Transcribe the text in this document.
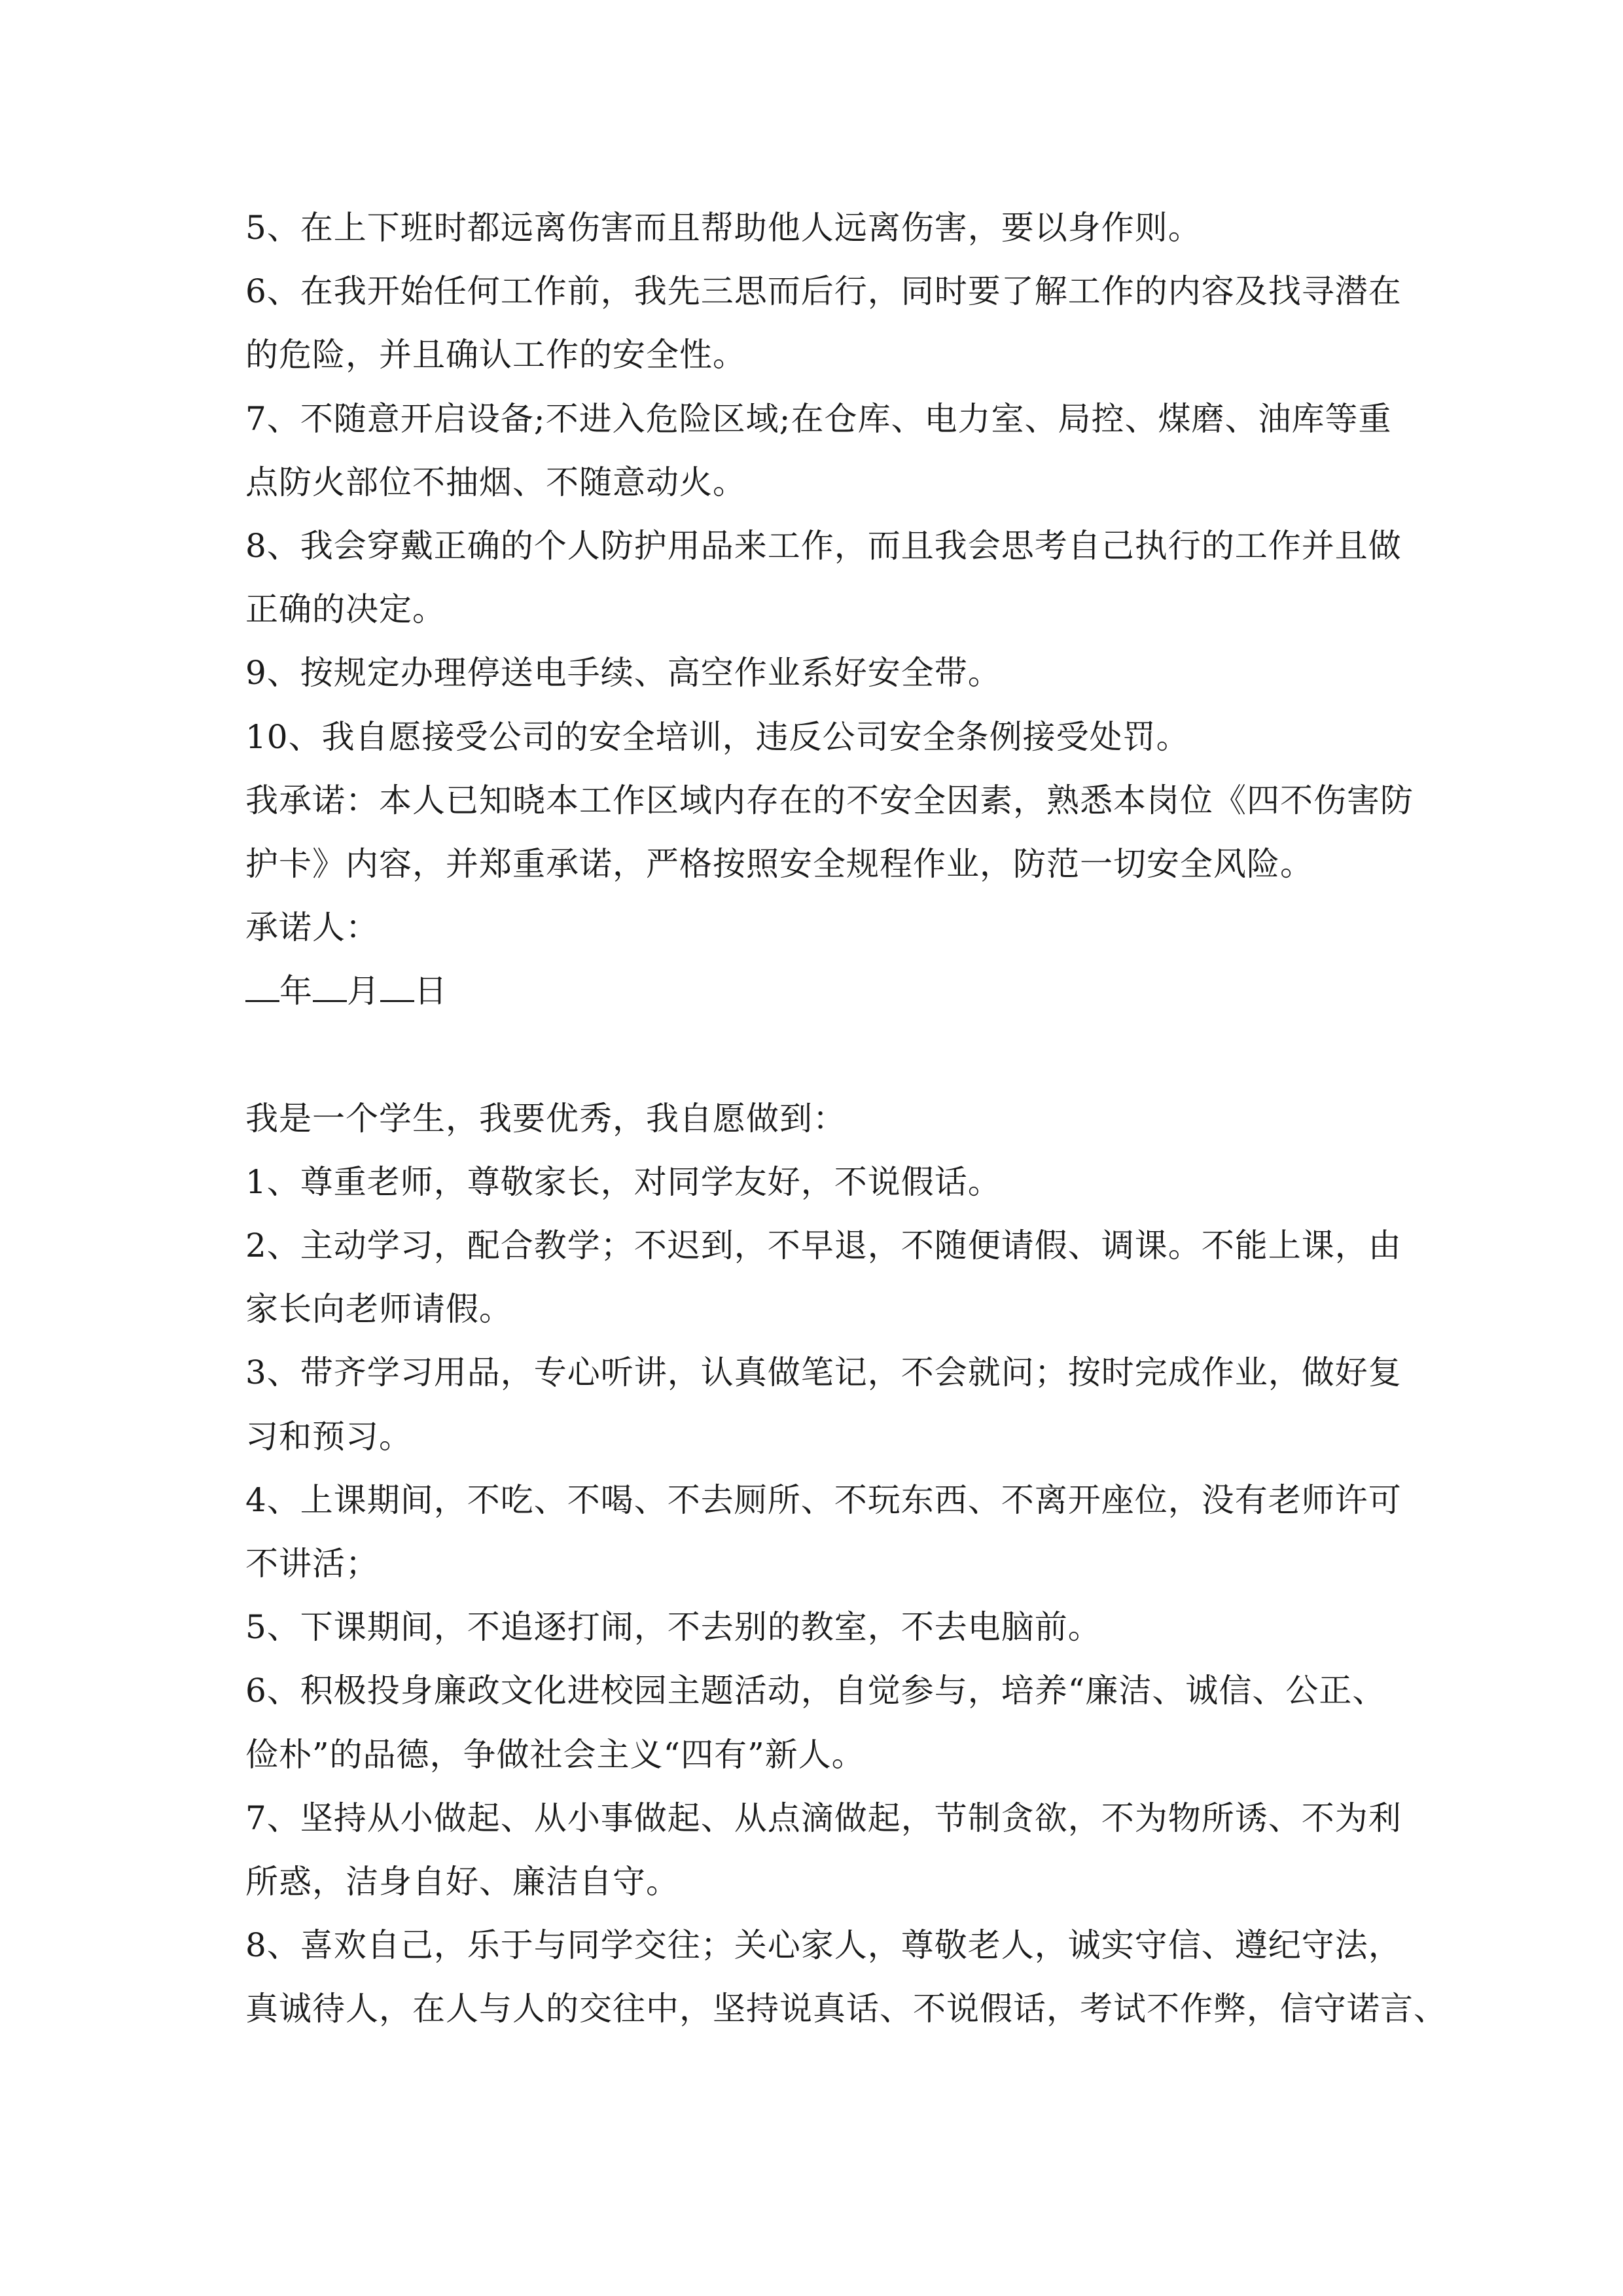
5、在上下班时都远离伤害而且帮助他人远离伤害，要以身作则。
6、在我开始任何工作前，我先三思而后行，同时要了解工作的内容及找寻潜在
的危险，并且确认工作的安全性。
7、不随意开启设备;不进入危险区域;在仓库、电力室、局控、煤磨、油库等重
点防火部位不抽烟、不随意动火。
8、我会穿戴正确的个人防护用品来工作，而且我会思考自己执行的工作并且做
正确的决定。
9、按规定办理停送电手续、高空作业系好安全带。
10、我自愿接受公司的安全培训，违反公司安全条例接受处罚。
我承诺：本人已知晓本工作区域内存在的不安全因素，熟悉本岗位《四不伤害防
护卡》内容，并郑重承诺，严格按照安全规程作业，防范一切安全风险。
承诺人：
年 月 日
我是一个学生，我要优秀，我自愿做到：
1、尊重老师，尊敬家长，对同学友好，不说假话。
2、主动学习，配合教学；不迟到，不早退，不随便请假、调课。不能上课，由
家长向老师请假。
3、带齐学习用品，专心听讲，认真做笔记，不会就问；按时完成作业，做好复
习和预习。
4、上课期间，不吃、不喝、不去厕所、不玩东西、不离开座位，没有老师许可
不讲活；
5、下课期间，不追逐打闹，不去别的教室，不去电脑前。
6、积极投身廉政文化进校园主题活动，自觉参与，培养“廉洁、诚信、公正、
俭朴”的品德，争做社会主义“四有”新人。
7、坚持从小做起、从小事做起、从点滴做起，节制贪欲，不为物所诱、不为利
所惑，洁身自好、廉洁自守。
8、喜欢自己，乐于与同学交往；关心家人，尊敬老人，诚实守信、遵纪守法，
真诚待人，在人与人的交往中，坚持说真话、不说假话，考试不作弊，信守诺言、
